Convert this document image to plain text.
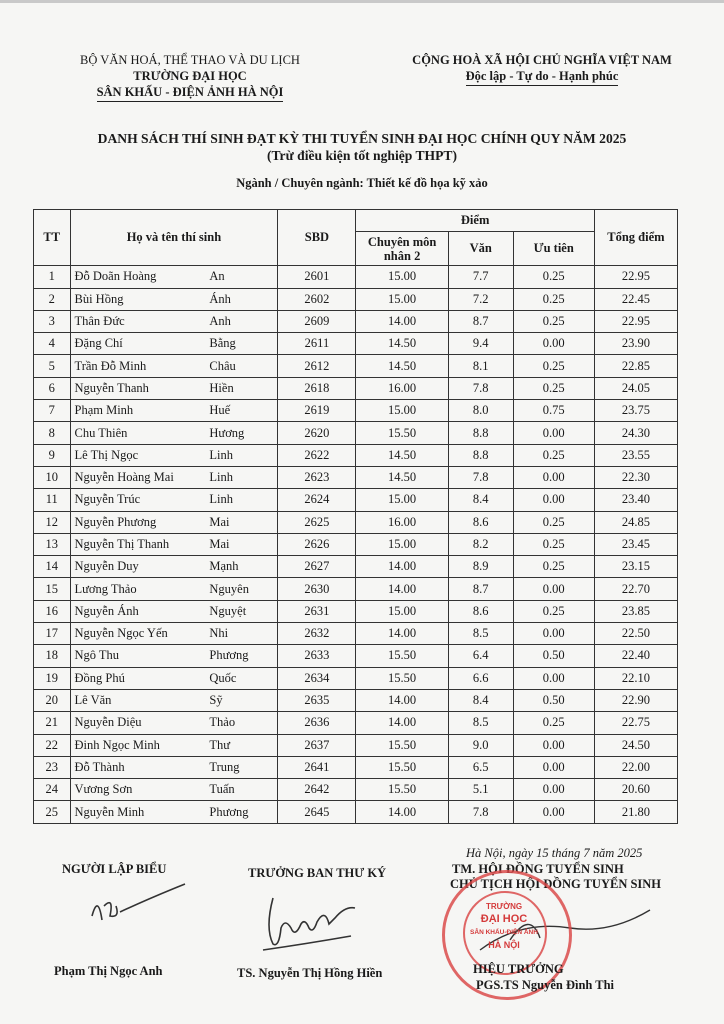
BỘ VĂN HOÁ, THỂ THAO VÀ DU LỊCH
TRƯỜNG ĐẠI HỌC
SÂN KHẤU - ĐIỆN ẢNH HÀ NỘI
CỘNG HOÀ XÃ HỘI CHỦ NGHĨA VIỆT NAM
Độc lập - Tự do - Hạnh phúc
DANH SÁCH THÍ SINH ĐẠT KỲ THI TUYỂN SINH ĐẠI HỌC CHÍNH QUY NĂM 2025
(Trừ điều kiện tốt nghiệp THPT)
Ngành / Chuyên ngành: Thiết kế đồ họa kỹ xảo
TT	Họ và tên thí sinh	SBD	Điểm			Tổng điểm
			Chuyên môn nhân 2	Văn	Ưu tiên	
1	Đỗ Doãn Hoàng An	2601	15.00	7.7	0.25	22.95
2	Bùi Hồng Ánh	2602	15.00	7.2	0.25	22.45
3	Thân Đức Anh	2609	14.00	8.7	0.25	22.95
4	Đặng Chí Bằng	2611	14.50	9.4	0.00	23.90
5	Trần Đỗ Minh Châu	2612	14.50	8.1	0.25	22.85
6	Nguyễn Thanh Hiền	2618	16.00	7.8	0.25	24.05
7	Phạm Minh Huế	2619	15.00	8.0	0.75	23.75
8	Chu Thiên Hương	2620	15.50	8.8	0.00	24.30
9	Lê Thị Ngọc Linh	2622	14.50	8.8	0.25	23.55
10	Nguyễn Hoàng Mai Linh	2623	14.50	7.8	0.00	22.30
11	Nguyễn Trúc Linh	2624	15.00	8.4	0.00	23.40
12	Nguyễn Phương Mai	2625	16.00	8.6	0.25	24.85
13	Nguyễn Thị Thanh Mai	2626	15.00	8.2	0.25	23.45
14	Nguyễn Duy Mạnh	2627	14.00	8.9	0.25	23.15
15	Lương Thảo Nguyên	2630	14.00	8.7	0.00	22.70
16	Nguyễn Ánh Nguyệt	2631	15.00	8.6	0.25	23.85
17	Nguyễn Ngọc Yến Nhi	2632	14.00	8.5	0.00	22.50
18	Ngô Thu Phương	2633	15.50	6.4	0.50	22.40
19	Đồng Phú Quốc	2634	15.50	6.6	0.00	22.10
20	Lê Văn Sỹ	2635	14.00	8.4	0.50	22.90
21	Nguyễn Diệu Thảo	2636	14.00	8.5	0.25	22.75
22	Đinh Ngọc Minh Thư	2637	15.50	9.0	0.00	24.50
23	Đỗ Thành Trung	2641	15.50	6.5	0.00	22.00
24	Vương Sơn Tuấn	2642	15.50	5.1	0.00	20.60
25	Nguyễn Minh Phương	2645	14.00	7.8	0.00	21.80
NGƯỜI LẬP BIỂU	TRƯỞNG BAN THƯ KÝ
Hà Nội, ngày 15 tháng 7 năm 2025
TM. HỘI ĐỒNG TUYỂN SINH
CHỦ TỊCH HỘI ĐỒNG TUYỂN SINH
TRƯỜNG
ĐẠI HỌC
SÂN KHẤU-ĐIỆN ẢNH
HÀ NỘI
HIỆU TRƯỞNG
Phạm Thị Ngọc Anh	TS. Nguyễn Thị Hồng Hiền
PGS.TS Nguyễn Đình Thi
